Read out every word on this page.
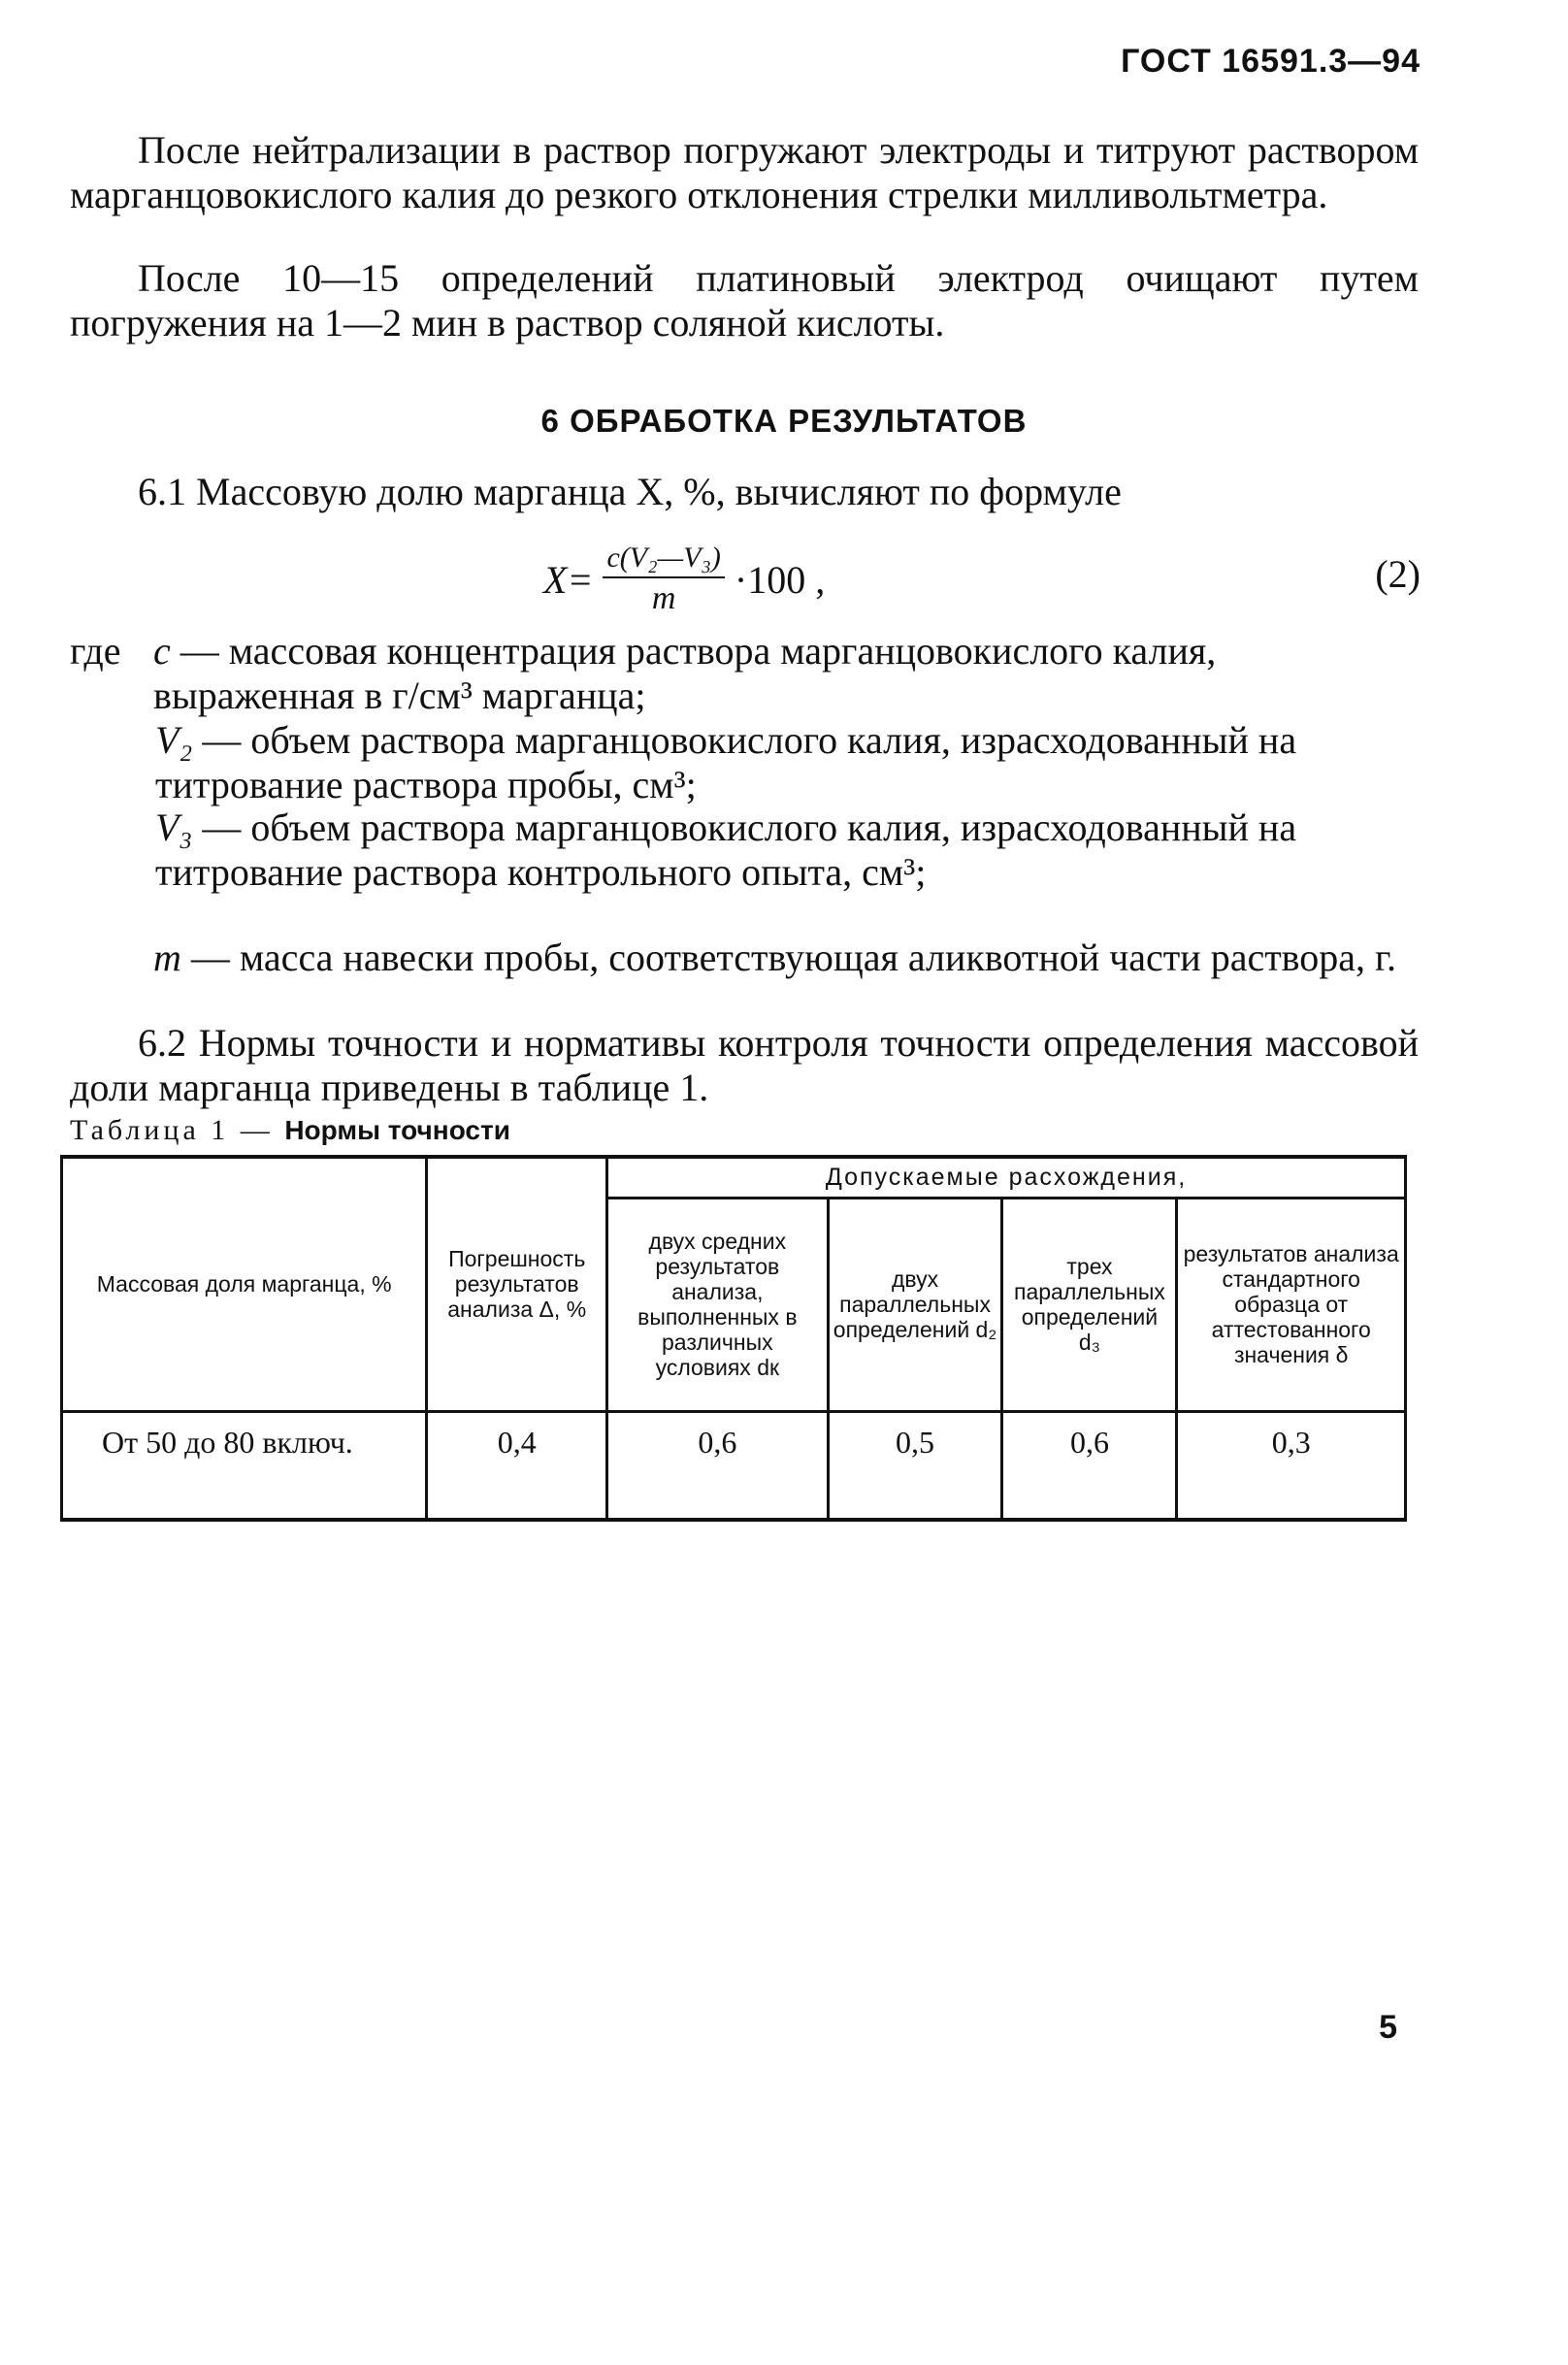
ГОСТ 16591.3—94
После нейтрализации в раствор погружают электроды и титруют раствором марганцовокислого калия до резкого отклонения стрелки милливольтметра.
После 10—15 определений платиновый электрод очищают путем погружения на 1—2 мин в раствор соляной кислоты.
6 ОБРАБОТКА РЕЗУЛЬТАТОВ
6.1 Массовую долю марганца X, %, вычисляют по формуле
$X= \frac{\text{c(V₂—V₃)}}{m} \cdot 100$ ,	(2)
где c — массовая концентрация раствора марганцовокислого калия, выраженная в г/см³ марганца;
V₂ — объем раствора марганцовокислого калия, израсходованный на титрование раствора пробы, см³;
V₃ — объем раствора марганцовокислого калия, израсходованный на титрование раствора контрольного опыта, см³;
m — масса навески пробы, соответствующая аликвотной части раствора, г.
6.2 Нормы точности и нормативы контроля точности определения массовой доли марганца приведены в таблице 1.
Таблица 1 — Нормы точности
Массовая доля марганца, %	Погрешность результатов анализа Δ, %	Допускаемые расхождения,			
		двух средних результатов анализа, выполненных в различных условиях dк	двух параллельных определений d₂	трех параллельных определений d₃	результатов анализа стандартного образца от аттестованного значения δ
От 50 до 80 включ.	0,4	0,6	0,5	0,6	0,3
5
